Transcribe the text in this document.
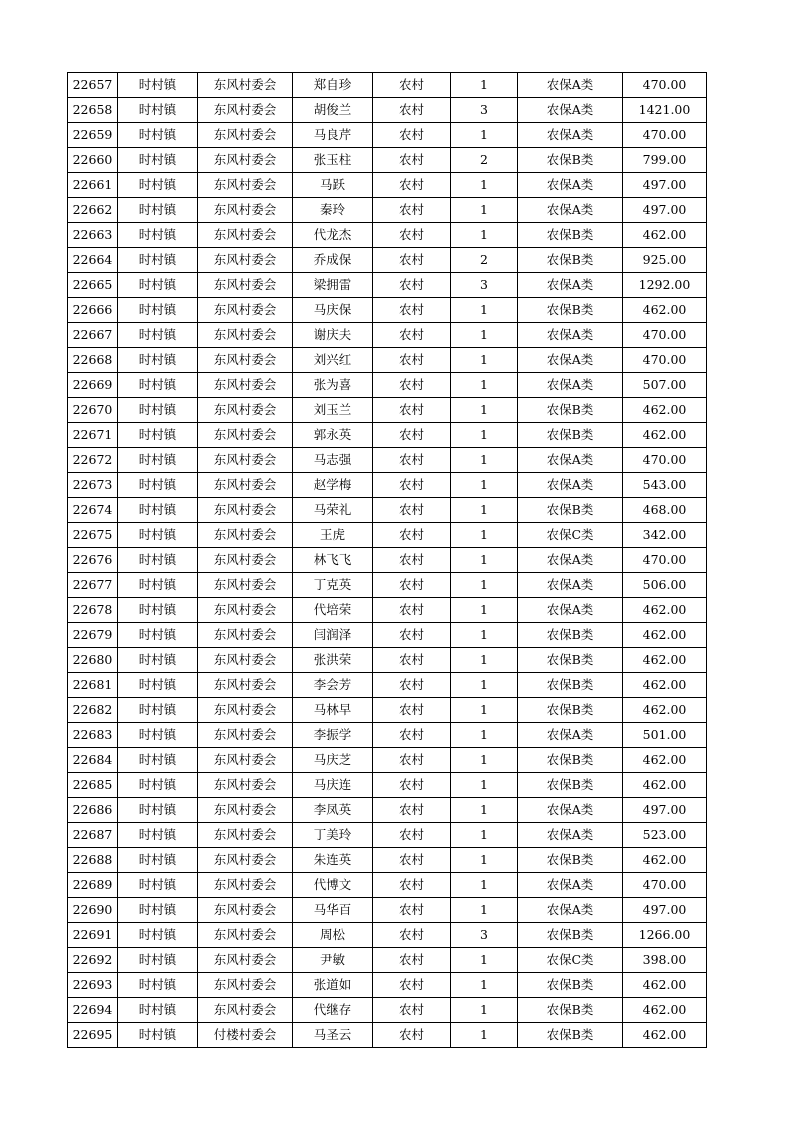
22657	时村镇	东风村委会	郑自珍	农村	1	农保A类	470.00
22658	时村镇	东风村委会	胡俊兰	农村	3	农保A类	1421.00
22659	时村镇	东风村委会	马良芹	农村	1	农保A类	470.00
22660	时村镇	东风村委会	张玉柱	农村	2	农保B类	799.00
22661	时村镇	东风村委会	马跃	农村	1	农保A类	497.00
22662	时村镇	东风村委会	秦玲	农村	1	农保A类	497.00
22663	时村镇	东风村委会	代龙杰	农村	1	农保B类	462.00
22664	时村镇	东风村委会	乔成保	农村	2	农保B类	925.00
22665	时村镇	东风村委会	梁拥雷	农村	3	农保A类	1292.00
22666	时村镇	东风村委会	马庆保	农村	1	农保B类	462.00
22667	时村镇	东风村委会	谢庆夫	农村	1	农保A类	470.00
22668	时村镇	东风村委会	刘兴红	农村	1	农保A类	470.00
22669	时村镇	东风村委会	张为喜	农村	1	农保A类	507.00
22670	时村镇	东风村委会	刘玉兰	农村	1	农保B类	462.00
22671	时村镇	东风村委会	郭永英	农村	1	农保B类	462.00
22672	时村镇	东风村委会	马志强	农村	1	农保A类	470.00
22673	时村镇	东风村委会	赵学梅	农村	1	农保A类	543.00
22674	时村镇	东风村委会	马荣礼	农村	1	农保B类	468.00
22675	时村镇	东风村委会	王虎	农村	1	农保C类	342.00
22676	时村镇	东风村委会	林飞飞	农村	1	农保A类	470.00
22677	时村镇	东风村委会	丁克英	农村	1	农保A类	506.00
22678	时村镇	东风村委会	代培荣	农村	1	农保A类	462.00
22679	时村镇	东风村委会	闫润泽	农村	1	农保B类	462.00
22680	时村镇	东风村委会	张洪荣	农村	1	农保B类	462.00
22681	时村镇	东风村委会	李会芳	农村	1	农保B类	462.00
22682	时村镇	东风村委会	马林早	农村	1	农保B类	462.00
22683	时村镇	东风村委会	李振学	农村	1	农保A类	501.00
22684	时村镇	东风村委会	马庆芝	农村	1	农保B类	462.00
22685	时村镇	东风村委会	马庆连	农村	1	农保B类	462.00
22686	时村镇	东风村委会	李凤英	农村	1	农保A类	497.00
22687	时村镇	东风村委会	丁美玲	农村	1	农保A类	523.00
22688	时村镇	东风村委会	朱连英	农村	1	农保B类	462.00
22689	时村镇	东风村委会	代博文	农村	1	农保A类	470.00
22690	时村镇	东风村委会	马华百	农村	1	农保A类	497.00
22691	时村镇	东风村委会	周松	农村	3	农保B类	1266.00
22692	时村镇	东风村委会	尹敏	农村	1	农保C类	398.00
22693	时村镇	东风村委会	张道如	农村	1	农保B类	462.00
22694	时村镇	东风村委会	代继存	农村	1	农保B类	462.00
22695	时村镇	付楼村委会	马圣云	农村	1	农保B类	462.00
